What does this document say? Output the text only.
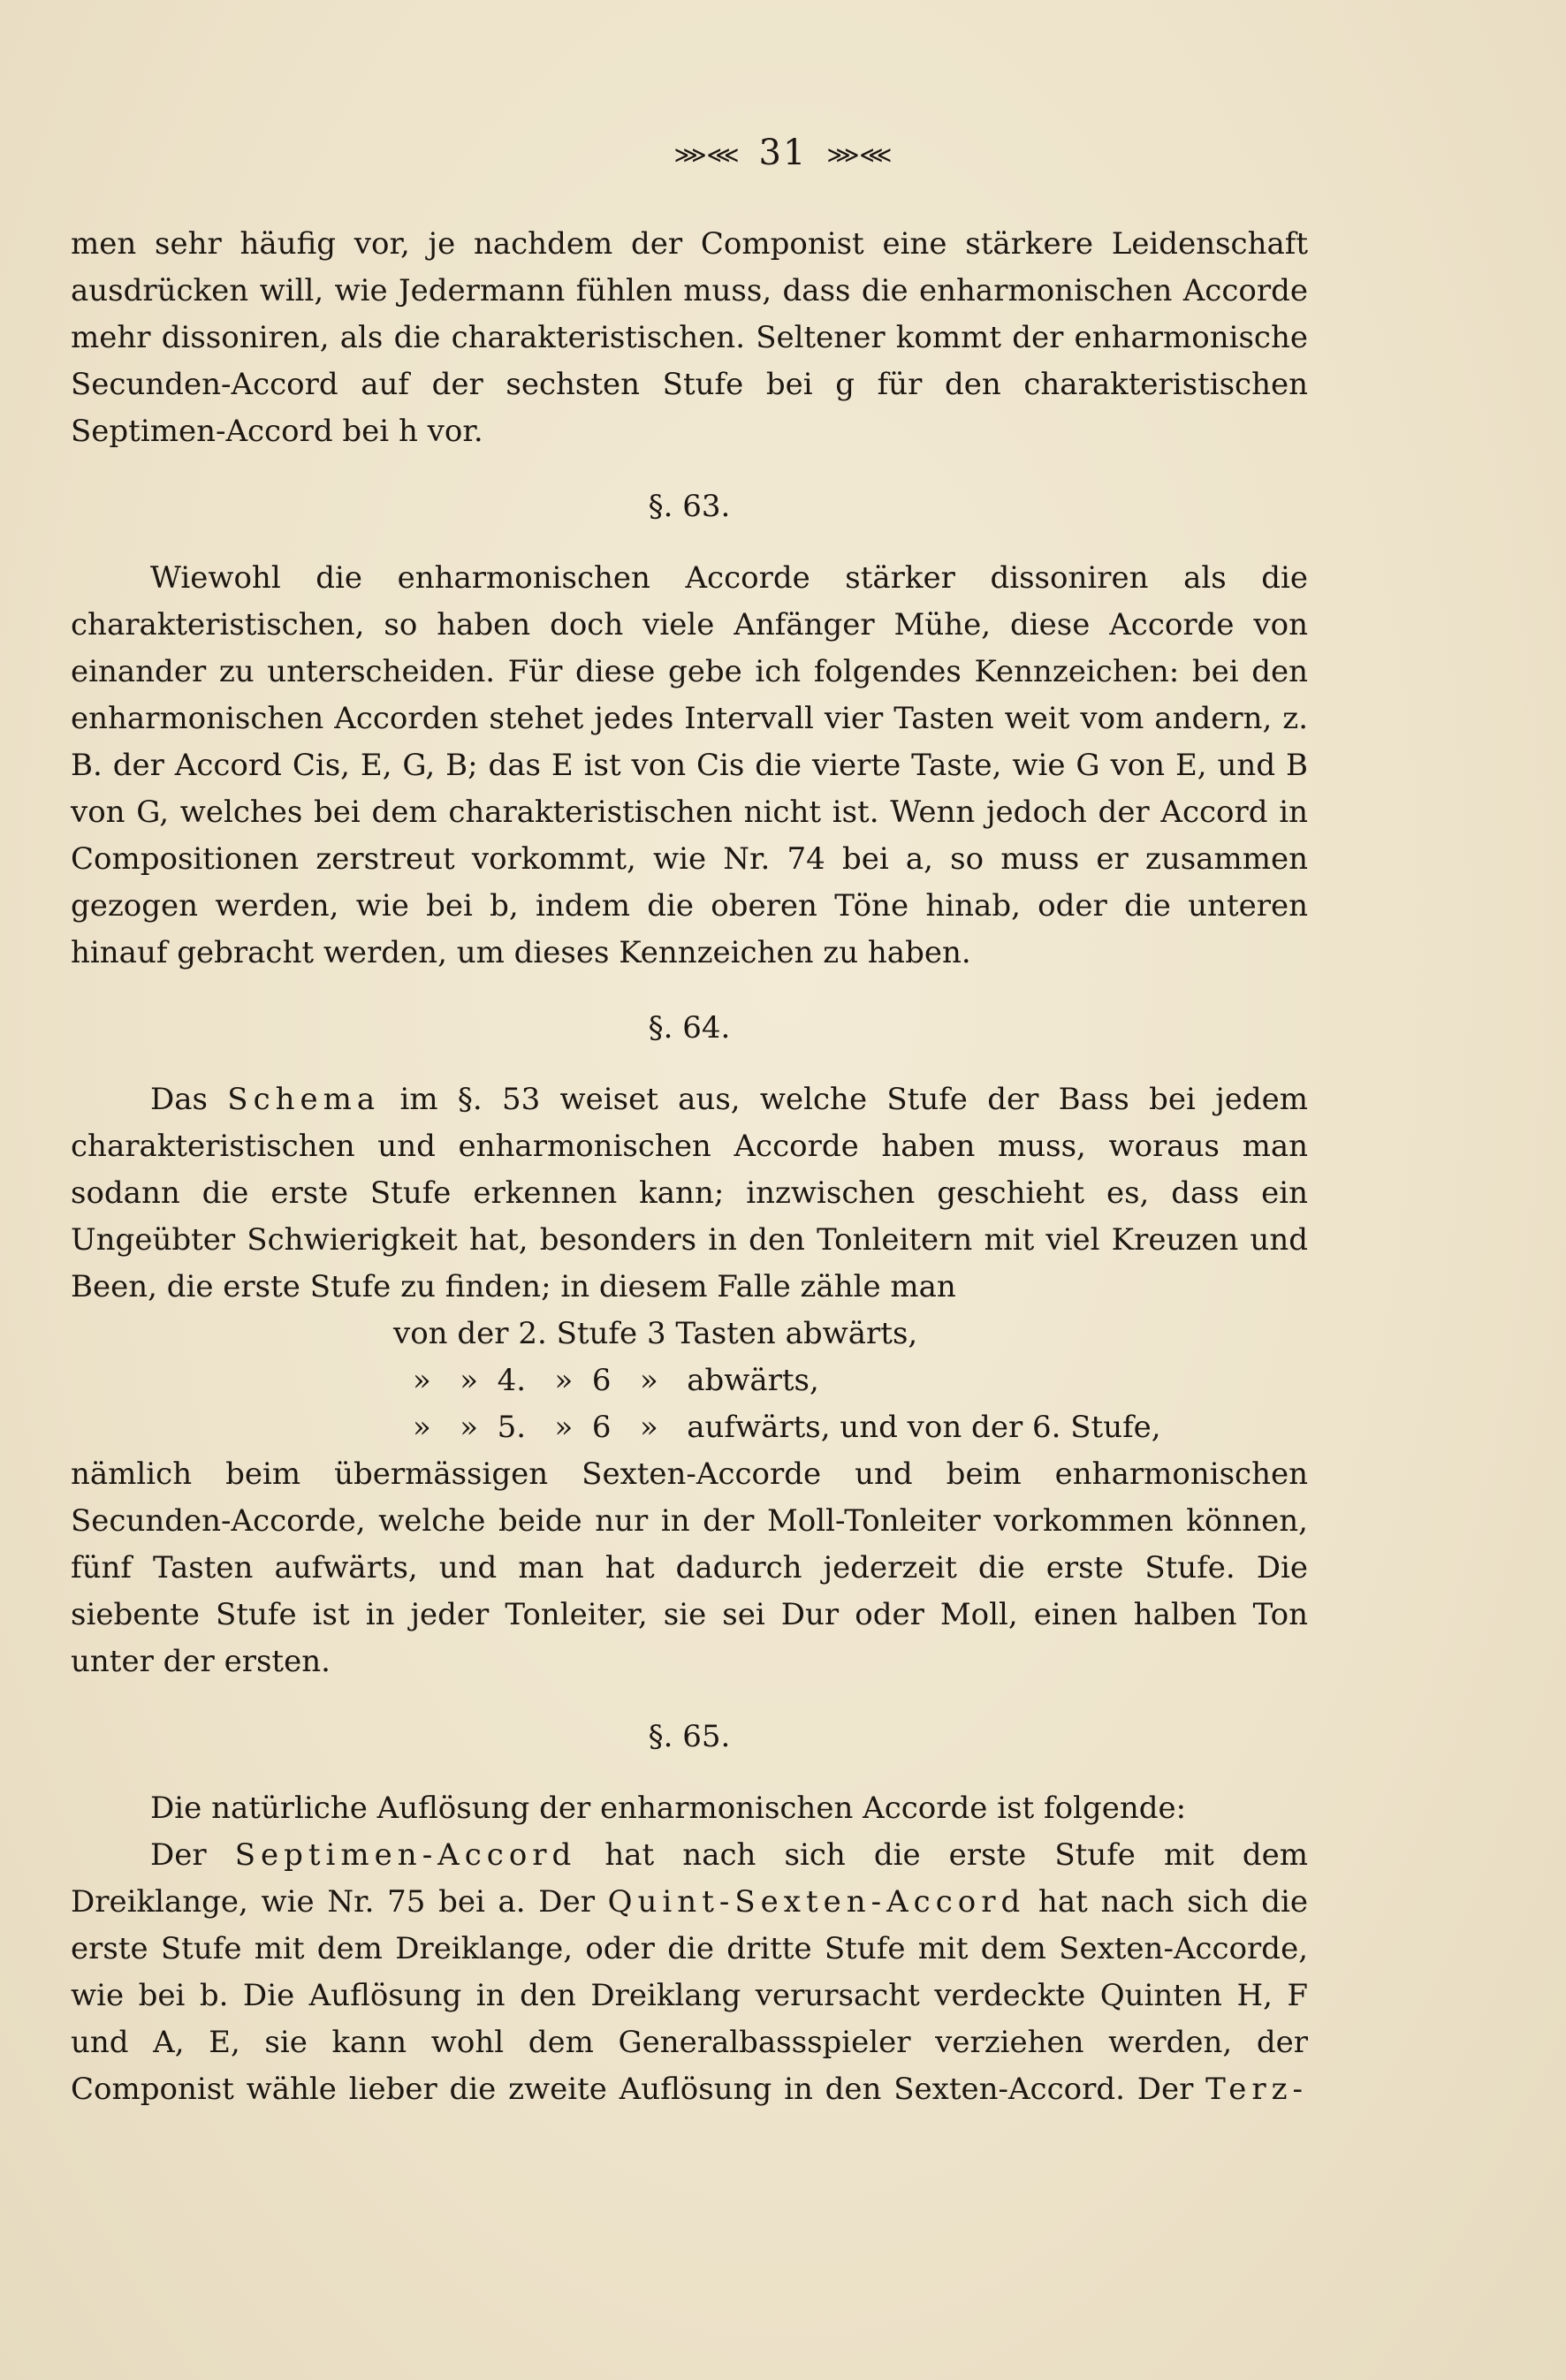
⋙⋘ 31 ⋙⋘

men sehr häufig vor, je nachdem der Componist eine stärkere Leidenschaft ausdrücken will, wie Jedermann fühlen muss, dass die enharmonischen Accorde mehr dissoniren, als die charakteristischen. Seltener kommt der enharmonische Secunden-Accord auf der sechsten Stufe bei g für den charakteristischen Septimen-Accord bei h vor.

§. 63.

Wiewohl die enharmonischen Accorde stärker dissoniren als die charakteristischen, so haben doch viele Anfänger Mühe, diese Accorde von einander zu unterscheiden. Für diese gebe ich folgendes Kennzeichen: bei den enharmonischen Accorden stehet jedes Intervall vier Tasten weit vom andern, z. B. der Accord Cis, E, G, B; das E ist von Cis die vierte Taste, wie G von E, und B von G, welches bei dem charakteristischen nicht ist. Wenn jedoch der Accord in Compositionen zerstreut vorkommt, wie Nr. 74 bei a, so muss er zusammen gezogen werden, wie bei b, indem die oberen Töne hinab, oder die unteren hinauf gebracht werden, um dieses Kennzeichen zu haben.

§. 64.

Das Schema im §. 53 weiset aus, welche Stufe der Bass bei jedem charakteristischen und enharmonischen Accorde haben muss, woraus man sodann die erste Stufe erkennen kann; inzwischen geschieht es, dass ein Ungeübter Schwierigkeit hat, besonders in den Tonleitern mit viel Kreuzen und Been, die erste Stufe zu finden; in diesem Falle zähle man

von der 2. Stufe 3 Tasten abwärts,
»   »  4.   »  6   »   abwärts,
»   »  5.   »  6   »   aufwärts, und von der 6. Stufe,

nämlich beim übermässigen Sexten-Accorde und beim enharmonischen Secunden-Accorde, welche beide nur in der Moll-Tonleiter vorkommen können, fünf Tasten aufwärts, und man hat dadurch jederzeit die erste Stufe. Die siebente Stufe ist in jeder Tonleiter, sie sei Dur oder Moll, einen halben Ton unter der ersten.

§. 65.

Die natürliche Auflösung der enharmonischen Accorde ist folgende:

Der Septimen-Accord hat nach sich die erste Stufe mit dem Dreiklange, wie Nr. 75 bei a. Der Quint-Sexten-Accord hat nach sich die erste Stufe mit dem Dreiklange, oder die dritte Stufe mit dem Sexten-Accorde, wie bei b. Die Auflösung in den Dreiklang verursacht verdeckte Quinten H, F und A, E, sie kann wohl dem Generalbassspieler verziehen werden, der Componist wähle lieber die zweite Auflösung in den Sexten-Accord. Der Terz-
